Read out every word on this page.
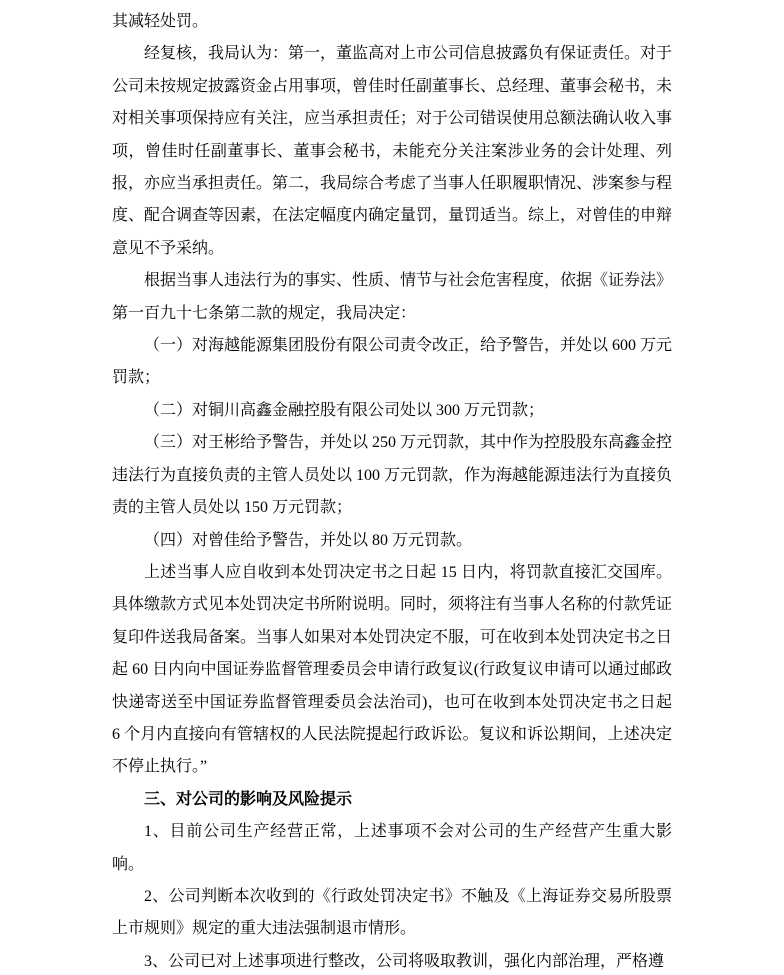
其减轻处罚。

经复核，我局认为：第一，董监高对上市公司信息披露负有保证责任。对于公司未按规定披露资金占用事项，曾佳时任副董事长、总经理、董事会秘书，未对相关事项保持应有关注，应当承担责任；对于公司错误使用总额法确认收入事项，曾佳时任副董事长、董事会秘书，未能充分关注案涉业务的会计处理、列报，亦应当承担责任。第二，我局综合考虑了当事人任职履职情况、涉案参与程度、配合调查等因素，在法定幅度内确定量罚，量罚适当。综上，对曾佳的申辩意见不予采纳。

根据当事人违法行为的事实、性质、情节与社会危害程度，依据《证券法》第一百九十七条第二款的规定，我局决定：

（一）对海越能源集团股份有限公司责令改正，给予警告，并处以 600 万元罚款；

（二）对铜川高鑫金融控股有限公司处以 300 万元罚款；

（三）对王彬给予警告，并处以 250 万元罚款，其中作为控股股东高鑫金控违法行为直接负责的主管人员处以 100 万元罚款，作为海越能源违法行为直接负责的主管人员处以 150 万元罚款；

（四）对曾佳给予警告，并处以 80 万元罚款。

上述当事人应自收到本处罚决定书之日起 15 日内，将罚款直接汇交国库。具体缴款方式见本处罚决定书所附说明。同时，须将注有当事人名称的付款凭证复印件送我局备案。当事人如果对本处罚决定不服，可在收到本处罚决定书之日起 60 日内向中国证券监督管理委员会申请行政复议(行政复议申请可以通过邮政快递寄送至中国证券监督管理委员会法治司)，也可在收到本处罚决定书之日起 6 个月内直接向有管辖权的人民法院提起行政诉讼。复议和诉讼期间，上述决定不停止执行。”

三、对公司的影响及风险提示

1、目前公司生产经营正常，上述事项不会对公司的生产经营产生重大影响。

2、公司判断本次收到的《行政处罚决定书》不触及《上海证券交易所股票上市规则》规定的重大违法强制退市情形。

3、公司已对上述事项进行整改，公司将吸取教训，强化内部治理，严格遵
